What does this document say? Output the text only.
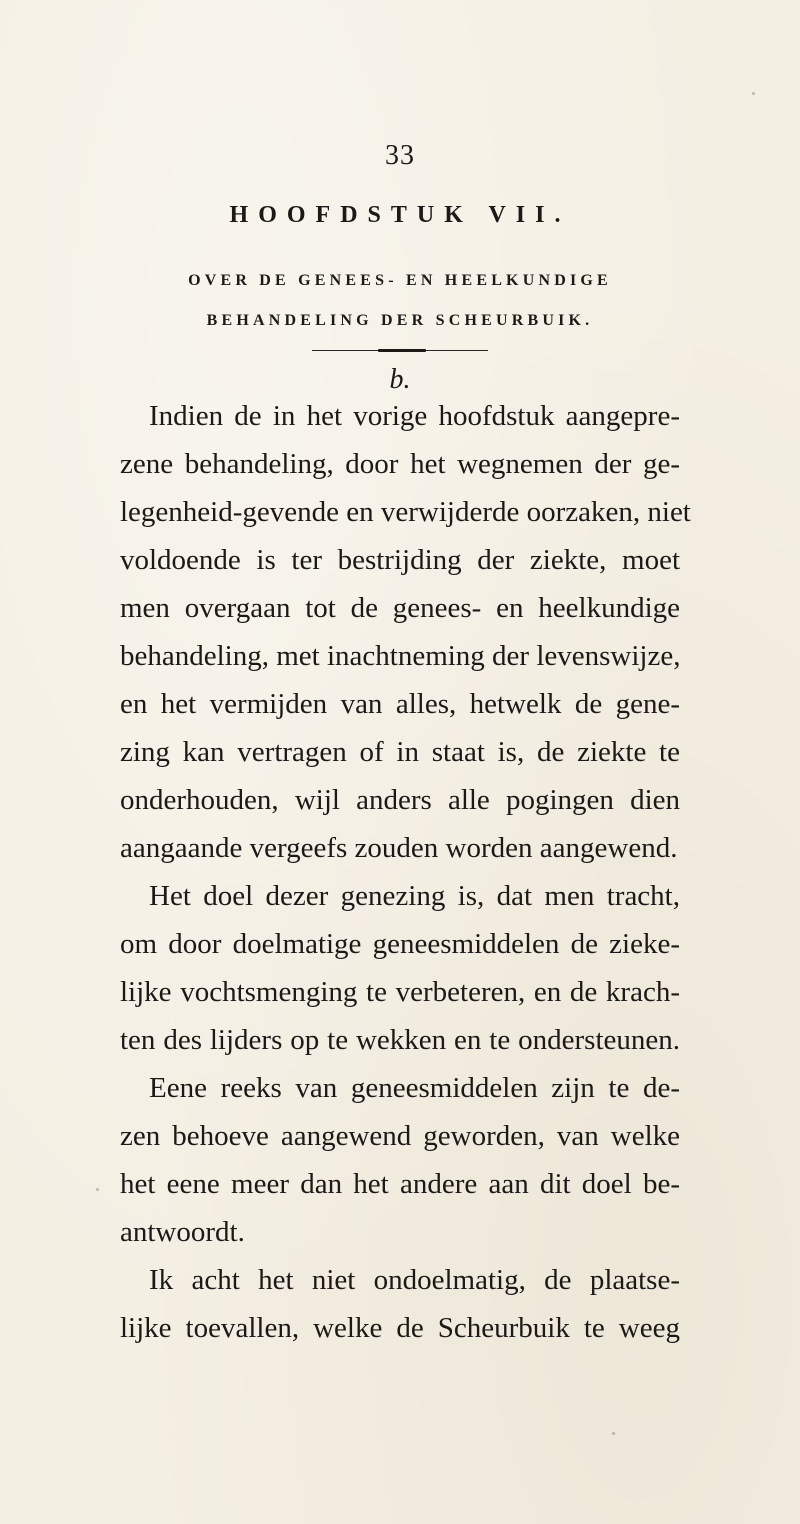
33
HOOFDSTUK VII.
OVER DE GENEES- EN HEELKUNDIGE
BEHANDELING DER SCHEURBUIK.
b.
Indien de in het vorige hoofdstuk aangepre-
zene behandeling, door het wegnemen der ge-
legenheid-gevende en verwijderde oorzaken, niet
voldoende is ter bestrijding der ziekte, moet
men overgaan tot de genees- en heelkundige
behandeling, met inachtneming der levenswijze,
en het vermijden van alles, hetwelk de gene-
zing kan vertragen of in staat is, de ziekte te
onderhouden, wijl anders alle pogingen dien
aangaande vergeefs zouden worden aangewend.
Het doel dezer genezing is, dat men tracht,
om door doelmatige geneesmiddelen de zieke-
lijke vochtsmenging te verbeteren, en de krach-
ten des lijders op te wekken en te ondersteunen.
Eene reeks van geneesmiddelen zijn te de-
zen behoeve aangewend geworden, van welke
het eene meer dan het andere aan dit doel be-
antwoordt.
Ik acht het niet ondoelmatig, de plaatse-
lijke toevallen, welke de Scheurbuik te weeg
